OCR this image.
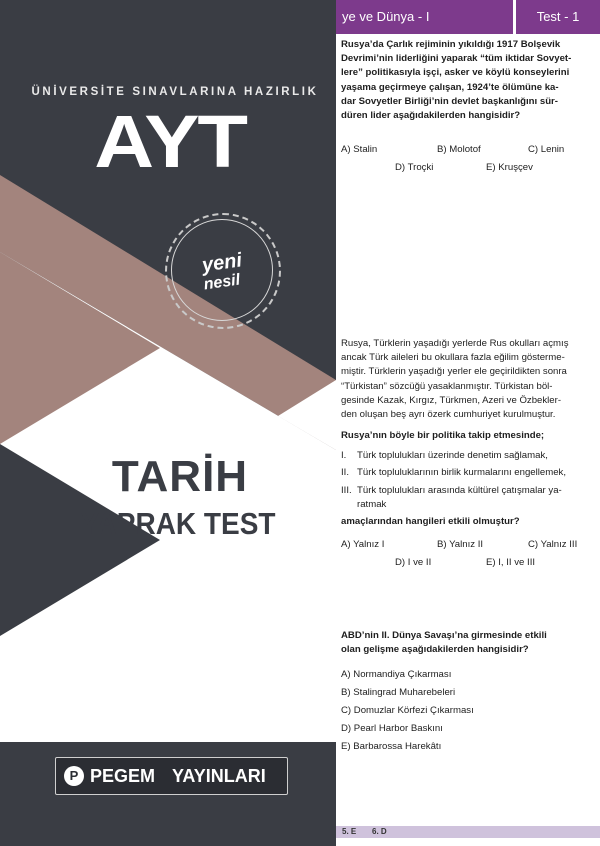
ye ve Dünya - I	Test - 1
Rusya’da Çarlık rejiminin yıkıldığı 1917 Bolşevik
Devrimi’nin liderliğini yaparak “tüm iktidar Sovyet-
lere” politikasıyla işçi, asker ve köylü konseylerini
yaşama geçirmeye çalışan, 1924’te ölümüne ka-
dar Sovyetler Birliği’nin devlet başkanlığını sür-
düren lider aşağıdakilerden hangisidir?
A) Stalin	B) Molotof	C) Lenin
D) Troçki	E) Kruşçev
Rusya, Türklerin yaşadığı yerlerde Rus okulları açmış
ancak Türk aileleri bu okullara fazla eğilim gösterme-
miştir. Türklerin yaşadığı yerler ele geçirildikten sonra
“Türkistan” sözcüğü yasaklanmıştır. Türkistan böl-
gesinde Kazak, Kırgız, Türkmen, Azeri ve Özbekler-
den oluşan beş ayrı özerk cumhuriyet kurulmuştur.
Rusya’nın böyle bir politika takip etmesinde;
I. Türk toplulukları üzerinde denetim sağlamak,
II. Türk topluluklarının birlik kurmalarını engellemek,
III. Türk toplulukları arasında kültürel çatışmalar ya-
ratmak
amaçlarından hangileri etkili olmuştur?
A) Yalnız I	B) Yalnız II	C) Yalnız III
D) I ve II	E) I, II ve III
ABD’nin II. Dünya Savaşı’na girmesinde etkili
olan gelişme aşağıdakilerden hangisidir?
A) Normandiya Çıkarması
B) Stalingrad Muharebeleri
C) Domuzlar Körfezi Çıkarması
D) Pearl Harbor Baskını
E) Barbarossa Harekâtı
5. E 6. D
ÜNİVERSİTE SINAVLARINA HAZIRLIK
AYT
yeni
nesil
TARİH
YAPRAK TEST
P PEGEM YAYINLARI
